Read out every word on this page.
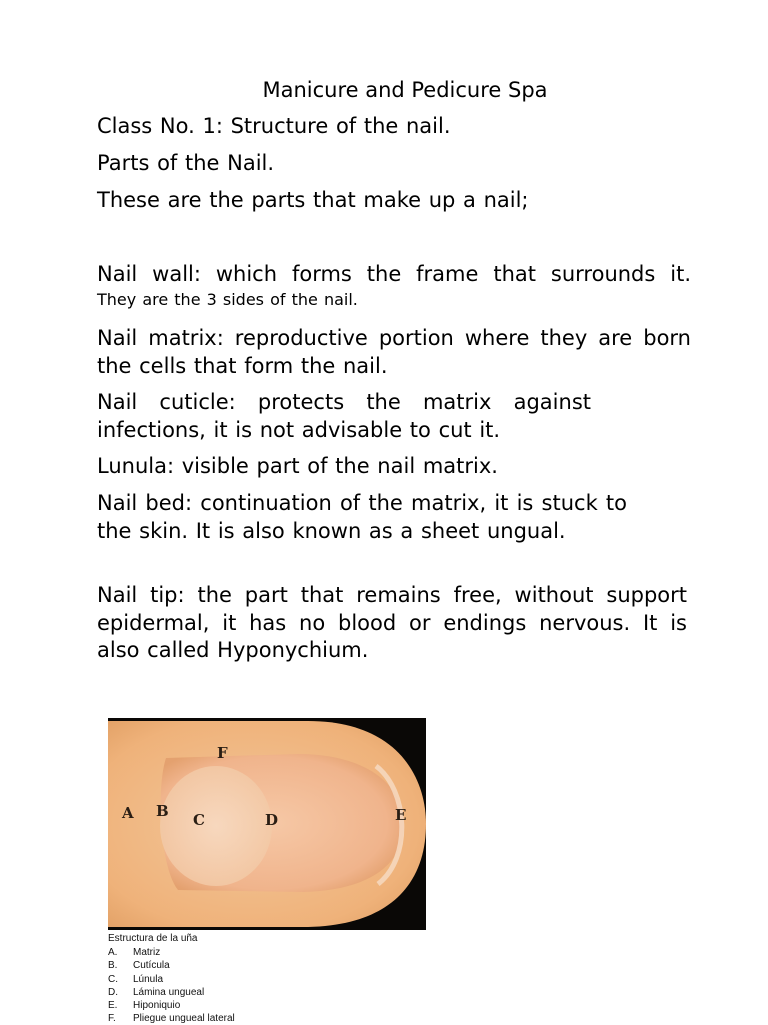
Manicure and Pedicure Spa

Class No. 1: Structure of the nail.

Parts of the Nail.

These are the parts that make up a nail;

Nail wall: which forms the frame that surrounds it.

They are the 3 sides of the nail.

Nail matrix: reproductive portion where they are born the cells that form the nail.

Nail cuticle: protects the matrix against infections, it is not advisable to cut it.

Lunula: visible part of the nail matrix.

Nail bed: continuation of the matrix, it is stuck to the skin. It is also known as a sheet ungual.

Nail tip: the part that remains free, without support epidermal, it has no blood or endings nervous. It is also called Hyponychium.

A B C	D	E
F
Estructura de la uña
A. Matriz
B. Cutícula
C. Lúnula
D. Lámina ungueal
E. Hiponiquio
F. Pliegue ungueal lateral
